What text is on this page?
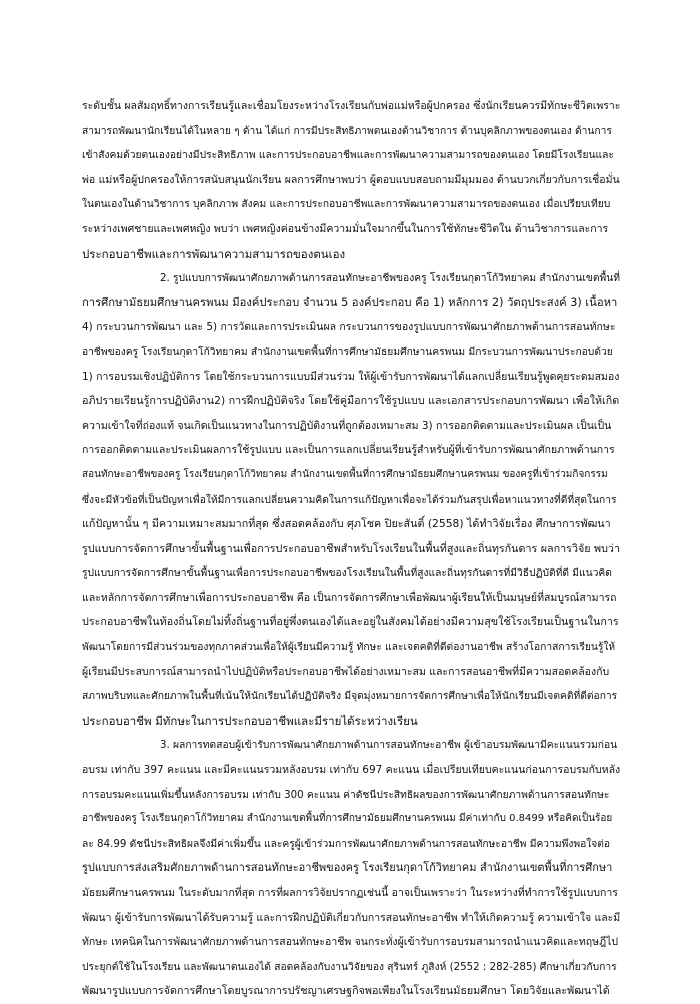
ระดับชั้น ผลสัมฤทธิ์ทางการเรียนรู้และเชื่อมโยงระหว่างโรงเรียนกับพ่อแม่หรือผู้ปกครอง ซึ่งนักเรียนควรมีทักษะชีวิตเพราะ
สามารถพัฒนานักเรียนได้ในหลาย ๆ ด้าน ได้แก่ การมีประสิทธิภาพตนเองด้านวิชาการ ด้านบุคลิกภาพของตนเอง ด้านการ
เข้าสังคมด้วยตนเองอย่างมีประสิทธิภาพ และการประกอบอาชีพและการพัฒนาความสามารถของตนเอง โดยมีโรงเรียนและ
พ่อ แม่หรือผู้ปกครองให้การสนับสนุนนักเรียน ผลการศึกษาพบว่า ผู้ตอบแบบสอบถามมีมุมมอง ด้านบวกเกี่ยวกับการเชื่อมั่น
ในตนเองในด้านวิชาการ บุคลิกภาพ สังคม และการประกอบอาชีพและการพัฒนาความสามารถของตนเอง เมื่อเปรียบเทียบ
ระหว่างเพศชายและเพศหญิง พบว่า เพศหญิงค่อนข้างมีความมั่นใจมากขึ้นในการใช้ทักษะชีวิตใน ด้านวิชาการและการ
ประกอบอาชีพและการพัฒนาความสามารถของตนเอง
2. รูปแบบการพัฒนาศักยภาพด้านการสอนทักษะอาชีพของครู โรงเรียนกุดาโก้วิทยาคม สำนักงานเขตพื้นที่
การศึกษามัธยมศึกษานครพนม มีองค์ประกอบ จำนวน 5 องค์ประกอบ คือ 1) หลักการ 2) วัตถุประสงค์ 3) เนื้อหา
4) กระบวนการพัฒนา และ 5) การวัดและการประเมินผล กระบวนการของรูปแบบการพัฒนาศักยภาพด้านการสอนทักษะ
อาชีพของครู โรงเรียนกุดาโก้วิทยาคม สำนักงานเขตพื้นที่การศึกษามัธยมศึกษานครพนม มีกระบวนการพัฒนาประกอบด้วย
1) การอบรมเชิงปฏิบัติการ โดยใช้กระบวนการแบบมีส่วนร่วม ให้ผู้เข้ารับการพัฒนาได้แลกเปลี่ยนเรียนรู้พูดคุยระดมสมอง
อภิปรายเรียนรู้การปฏิบัติงาน2) การฝึกปฏิบัติจริง โดยใช้คู่มือการใช้รูปแบบ และเอกสารประกอบการพัฒนา เพื่อให้เกิด
ความเข้าใจที่ถ่องแท้ จนเกิดเป็นแนวทางในการปฏิบัติงานที่ถูกต้องเหมาะสม 3) การออกติดตามและประเมินผล เป็นเป็น
การออกติดตามและประเมินผลการใช้รูปแบบ และเป็นการแลกเปลี่ยนเรียนรู้สำหรับผู้ที่เข้ารับการพัฒนาศักยภาพด้านการ
สอนทักษะอาชีพของครู โรงเรียนกุดาโก้วิทยาคม สำนักงานเขตพื้นที่การศึกษามัธยมศึกษานครพนม ของครูที่เข้าร่วมกิจกรรม
ซึ่งจะมีหัวข้อที่เป็นปัญหาเพื่อให้มีการแลกเปลี่ยนความคิดในการแก้ปัญหาเพื่อจะได้ร่วมกันสรุปเพื่อหาแนวทางที่ดีที่สุดในการ
แก้ปัญหานั้น ๆ มีความเหมาะสมมากที่สุด ซึ่งสอดคล้องกับ ศุภโชค ปิยะสันติ์ (2558) ได้ทำวิจัยเรื่อง ศึกษาการพัฒนา
รูปแบบการจัดการศึกษาขั้นพื้นฐานเพื่อการประกอบอาชีพสำหรับโรงเรียนในพื้นที่สูงและถิ่นทุรกันดาร ผลการวิจัย พบว่า
รูปแบบการจัดการศึกษาขั้นพื้นฐานเพื่อการประกอบอาชีพของโรงเรียนในพื้นที่สูงและถิ่นทุรกันดารที่มีวิธีปฏิบัติที่ดี มีแนวคิด
และหลักการจัดการศึกษาเพื่อการประกอบอาชีพ คือ เป็นการจัดการศึกษาเพื่อพัฒนาผู้เรียนให้เป็นมนุษย์ที่สมบูรณ์สามารถ
ประกอบอาชีพในท้องถิ่นโดยไม่ทิ้งถิ่นฐานที่อยู่พึ่งตนเองได้และอยู่ในสังคมได้อย่างมีความสุขใช้โรงเรียนเป็นฐานในการ
พัฒนาโดยการมีส่วนร่วมของทุกภาคส่วนเพื่อให้ผู้เรียนมีความรู้ ทักษะ และเจตคติที่ดีต่องานอาชีพ สร้างโอกาสการเรียนรู้ให้
ผู้เรียนมีประสบการณ์สามารถนำไปปฏิบัติหรือประกอบอาชีพได้อย่างเหมาะสม และการสอนอาชีพที่มีความสอดคล้องกับ
สภาพบริบทและศักยภาพในพื้นที่เน้นให้นักเรียนได้ปฏิบัติจริง มีจุดมุ่งหมายการจัดการศึกษาเพื่อให้นักเรียนมีเจตคติที่ดีต่อการ
ประกอบอาชีพ มีทักษะในการประกอบอาชีพและมีรายได้ระหว่างเรียน
3. ผลการทดสอบผู้เข้ารับการพัฒนาศักยภาพด้านการสอนทักษะอาชีพ ผู้เข้าอบรมพัฒนามีคะแนนรวมก่อน
อบรม เท่ากับ 397 คะแนน และมีคะแนนรวมหลังอบรม เท่ากับ 697 คะแนน เมื่อเปรียบเทียบคะแนนก่อนการอบรมกับหลัง
การอบรมคะแนนเพิ่มขึ้นหลังการอบรม เท่ากับ 300 คะแนน ค่าดัชนีประสิทธิผลของการพัฒนาศักยภาพด้านการสอนทักษะ
อาชีพของครู โรงเรียนกุดาโก้วิทยาคม สำนักงานเขตพื้นที่การศึกษามัธยมศึกษานครพนม มีค่าเท่ากับ 0.8499 หรือคิดเป็นร้อย
ละ 84.99 ดัชนีประสิทธิผลจึงมีค่าเพิ่มขึ้น และครูผู้เข้าร่วมการพัฒนาศักยภาพด้านการสอนทักษะอาชีพ มีความพึงพอใจต่อ
รูปแบบการส่งเสริมศักยภาพด้านการสอนทักษะอาชีพของครู โรงเรียนกุดาโก้วิทยาคม สำนักงานเขตพื้นที่การศึกษา
มัธยมศึกษานครพนม ในระดับมากที่สุด การที่ผลการวิจัยปรากฏเช่นนี้ อาจเป็นเพราะว่า ในระหว่างที่ทำการใช้รูปแบบการ
พัฒนา ผู้เข้ารับการพัฒนาได้รับความรู้ และการฝึกปฏิบัติเกี่ยวกับการสอนทักษะอาชีพ ทำให้เกิดความรู้ ความเข้าใจ และมี
ทักษะ เทคนิคในการพัฒนาศักยภาพด้านการสอนทักษะอาชีพ จนกระทั่งผู้เข้ารับการอบรมสามารถนำแนวคิดและทฤษฎีไป
ประยุกต์ใช้ในโรงเรียน และพัฒนาตนเองได้ สอดคล้องกับงานวิจัยของ สุรินทร์ ภูสิงห์ (2552 : 282-285) ศึกษาเกี่ยวกับการ
พัฒนารูปแบบการจัดการศึกษาโดยบูรณาการปรัชญาเศรษฐกิจพอเพียงในโรงเรียนมัธยมศึกษา โดยวิจัยและพัฒนาได้
